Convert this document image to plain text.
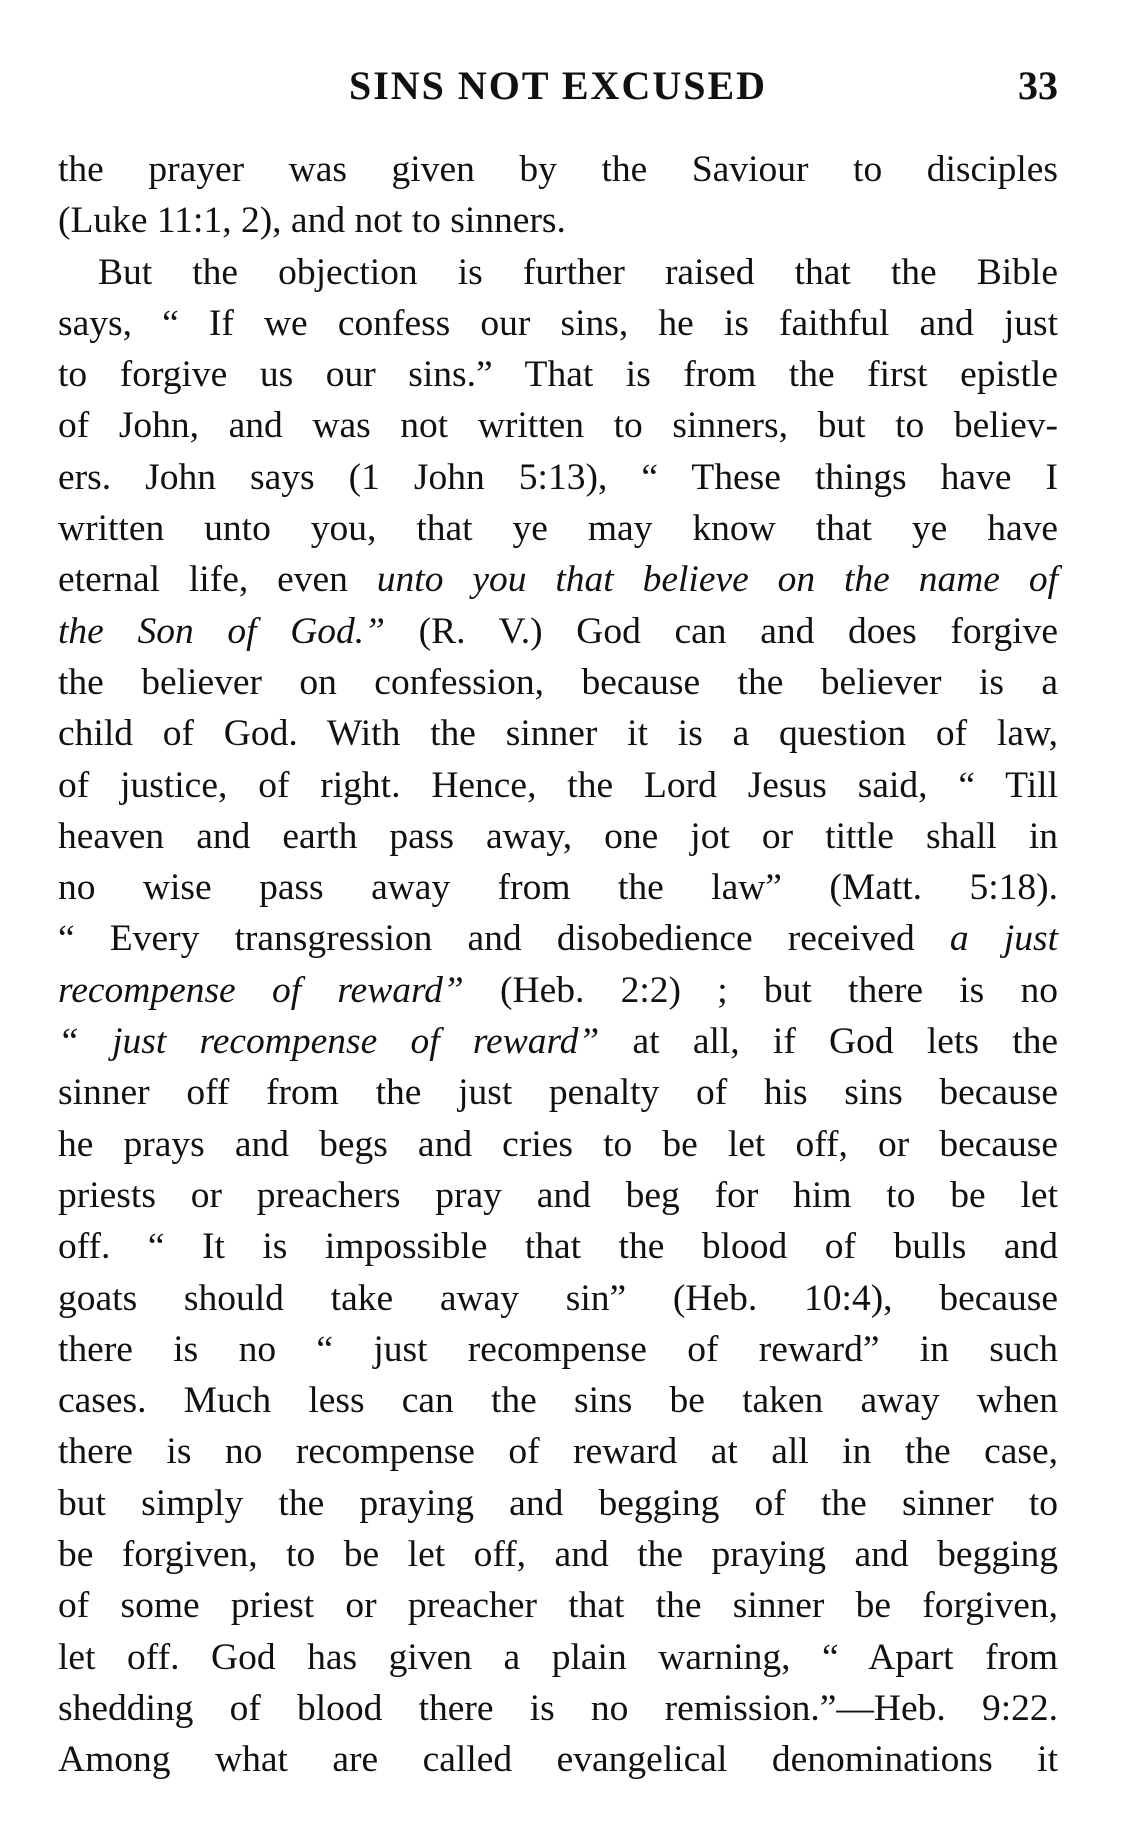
SINS NOT EXCUSED	33
the prayer was given by the Saviour to disciples
(Luke 11:1, 2), and not to sinners.
But the objection is further raised that the Bible
says, “ If we confess our sins, he is faithful and just
to forgive us our sins.” That is from the first epistle
of John, and was not written to sinners, but to believ-
ers. John says (1 John 5:13), “ These things have I
written unto you, that ye may know that ye have
eternal life, even unto you that believe on the name of
the Son of God.” (R. V.) God can and does forgive
the believer on confession, because the believer is a
child of God. With the sinner it is a question of law,
of justice, of right. Hence, the Lord Jesus said, “ Till
heaven and earth pass away, one jot or tittle shall in
no wise pass away from the law” (Matt. 5:18).
“ Every transgression and disobedience received a just
recompense of reward” (Heb. 2:2) ; but there is no
“ just recompense of reward” at all, if God lets the
sinner off from the just penalty of his sins because
he prays and begs and cries to be let off, or because
priests or preachers pray and beg for him to be let
off. “ It is impossible that the blood of bulls and
goats should take away sin” (Heb. 10:4), because
there is no “ just recompense of reward” in such
cases. Much less can the sins be taken away when
there is no recompense of reward at all in the case,
but simply the praying and begging of the sinner to
be forgiven, to be let off, and the praying and begging
of some priest or preacher that the sinner be forgiven,
let off. God has given a plain warning, “ Apart from
shedding of blood there is no remission.”—Heb. 9:22.
Among what are called evangelical denominations it
